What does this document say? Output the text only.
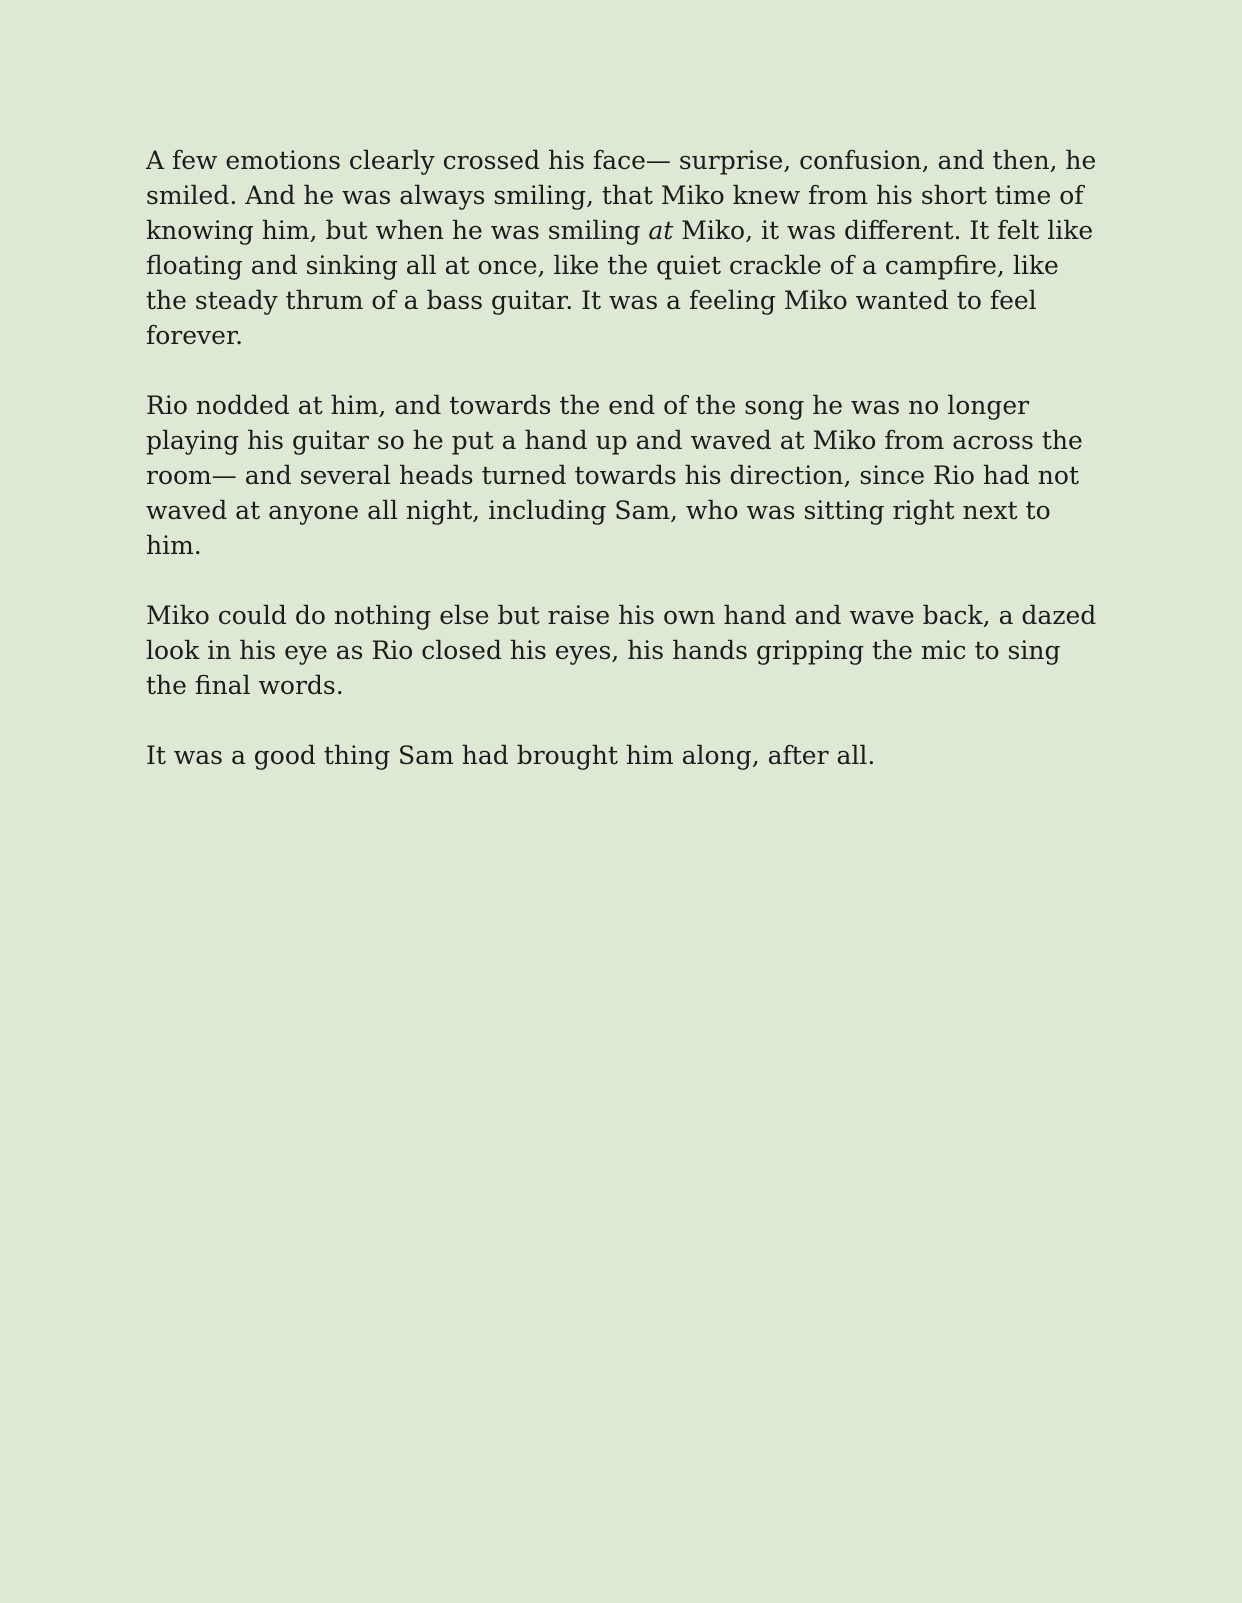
A few emotions clearly crossed his face— surprise, confusion, and then, he smiled. And he was always smiling, that Miko knew from his short time of knowing him, but when he was smiling at Miko, it was different. It felt like floating and sinking all at once, like the quiet crackle of a campfire, like the steady thrum of a bass guitar. It was a feeling Miko wanted to feel forever.

Rio nodded at him, and towards the end of the song he was no longer playing his guitar so he put a hand up and waved at Miko from across the room— and several heads turned towards his direction, since Rio had not waved at anyone all night, including Sam, who was sitting right next to him.

Miko could do nothing else but raise his own hand and wave back, a dazed look in his eye as Rio closed his eyes, his hands gripping the mic to sing the final words.

It was a good thing Sam had brought him along, after all.
